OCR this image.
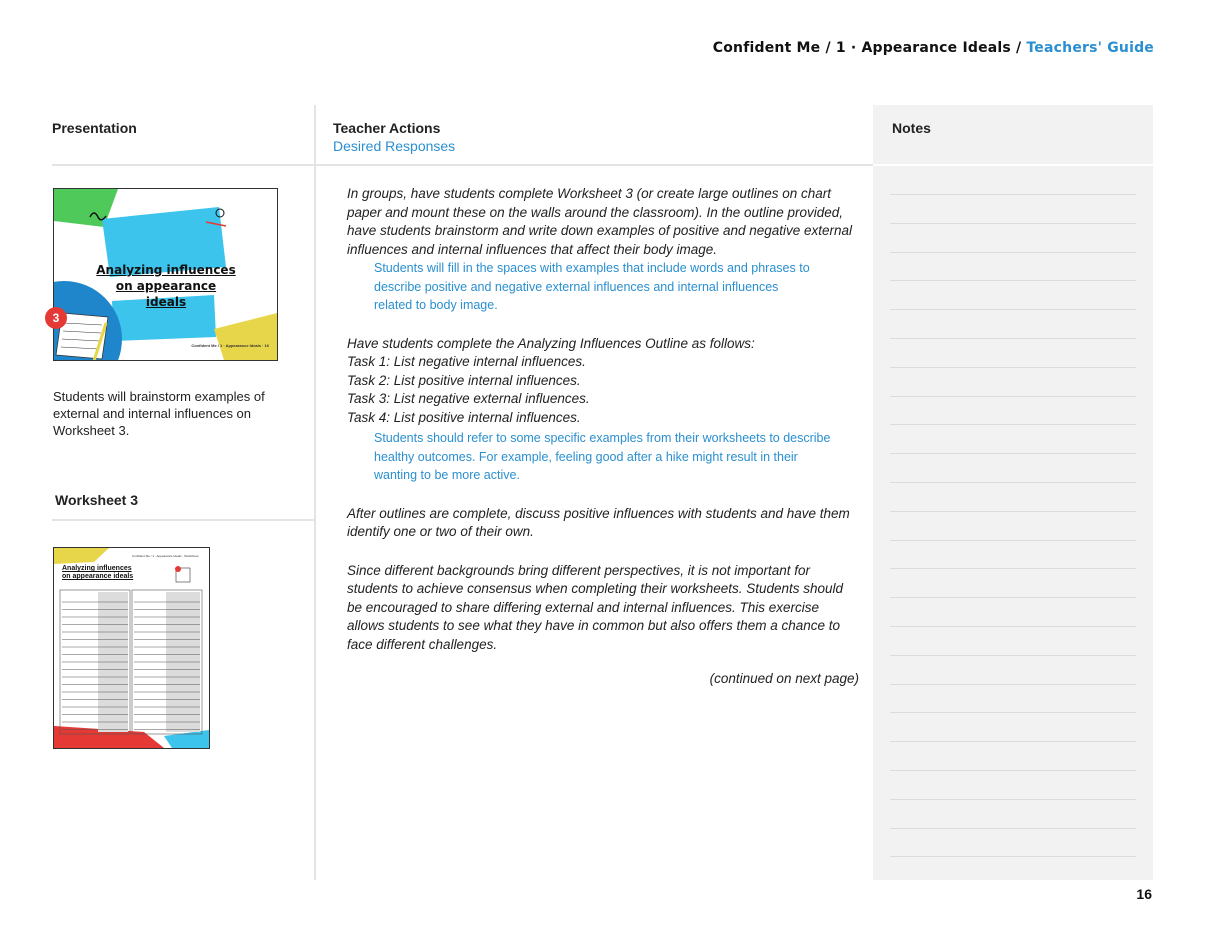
Confident Me / 1 · Appearance Ideals / Teachers' Guide
Presentation	Teacher Actions
Desired Responses
Notes
Analyzing influences
on appearance ideals
Confident Me / 1 · Appearance Ideals · 16
3
Students will brainstorm examples of external and internal influences on Worksheet 3.
Worksheet 3
Confident Me / 1 · Appearance Ideals · Worksheet
Analyzing influences
on appearance ideals

In groups, have students complete Worksheet 3 (or create large outlines on chart paper and mount these on the walls around the classroom). In the outline provided, have students brainstorm and write down examples of positive and negative external influences and internal influences that affect their body image.

Students will fill in the spaces with examples that include words and phrases to describe positive and negative external influences and internal influences related to body image.

Have students complete the Analyzing Influences Outline as follows:

Task 1: List negative internal influences.

Task 2: List positive internal influences.

Task 3: List negative external influences.

Task 4: List positive internal influences.

Students should refer to some specific examples from their worksheets to describe healthy outcomes. For example, feeling good after a hike might result in their wanting to be more active.

After outlines are complete, discuss positive influences with students and have them identify one or two of their own.

Since different backgrounds bring different perspectives, it is not important for students to achieve consensus when completing their worksheets. Students should be encouraged to share differing external and internal influences. This exercise allows students to see what they have in common but also offers them a chance to face different challenges.

(continued on next page)

16
